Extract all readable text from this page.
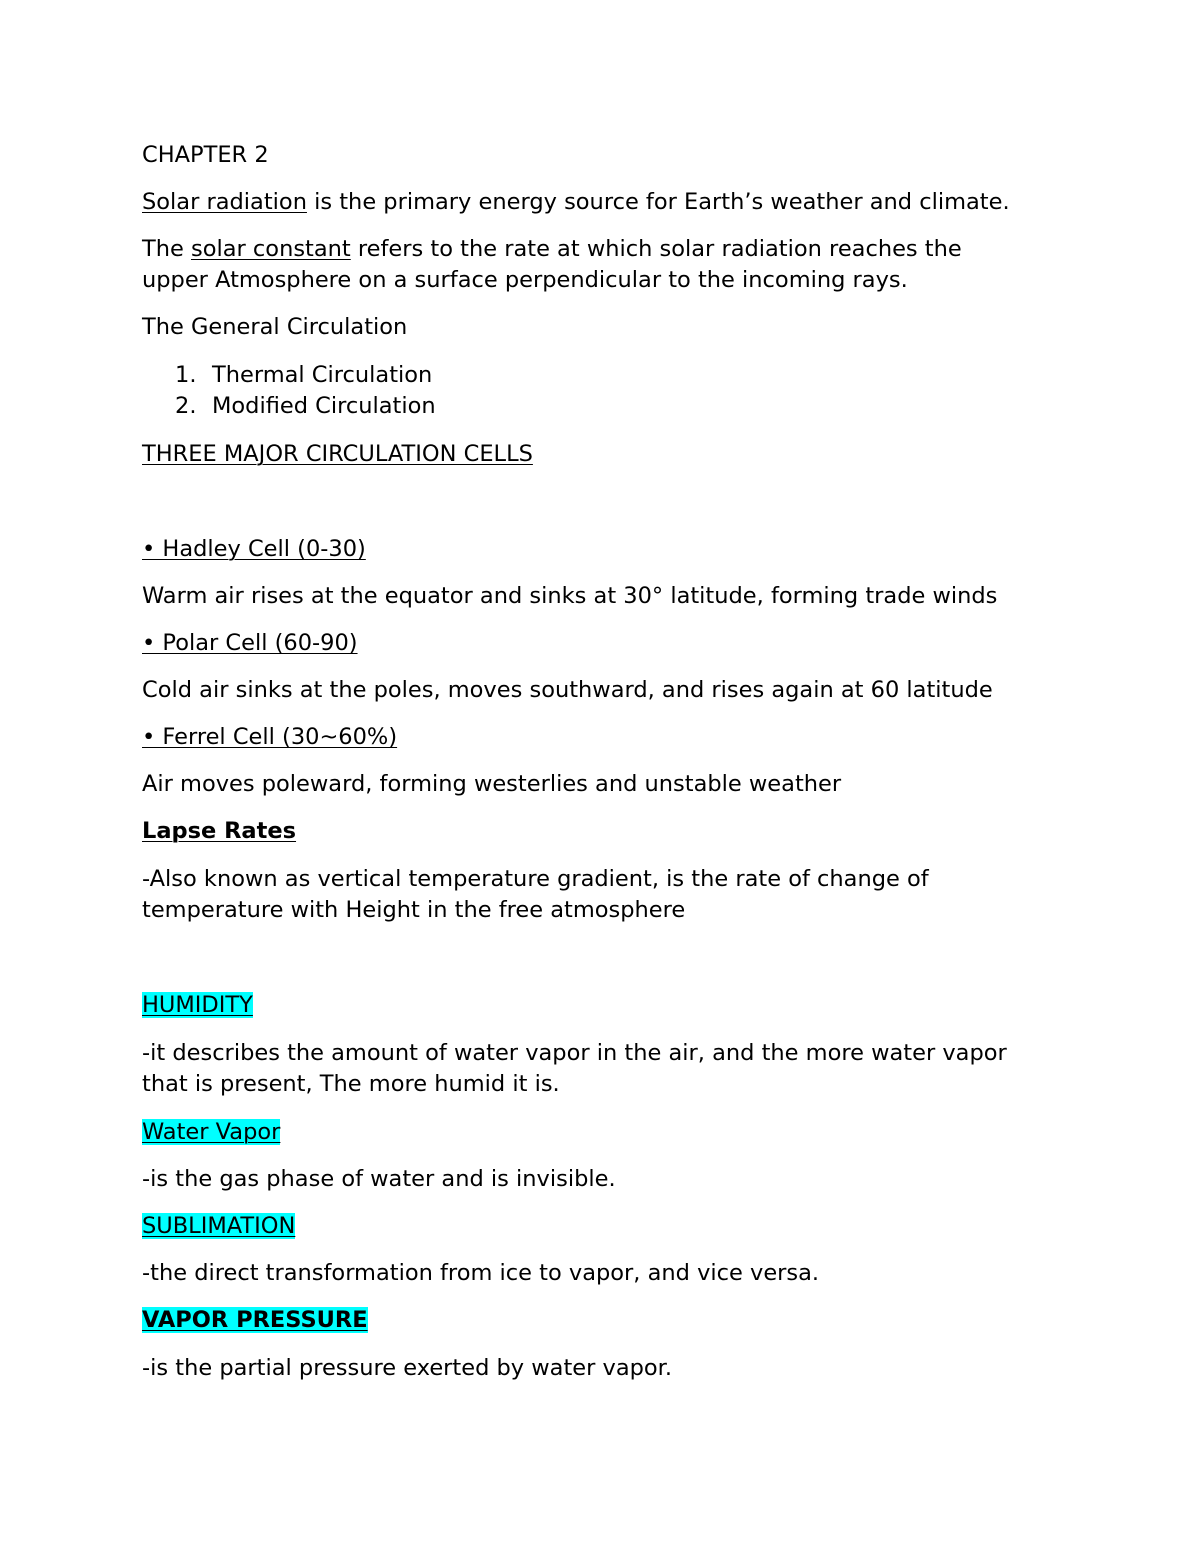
CHAPTER 2

Solar radiation is the primary energy source for Earth’s weather and climate.

The solar constant refers to the rate at which solar radiation reaches the

upper Atmosphere on a surface perpendicular to the incoming rays.

The General Circulation

1. Thermal Circulation
2. Modified Circulation

THREE MAJOR CIRCULATION CELLS

• Hadley Cell (0-30)

Warm air rises at the equator and sinks at 30° latitude, forming trade winds

• Polar Cell (60-90)

Cold air sinks at the poles, moves southward, and rises again at 60 latitude

• Ferrel Cell (30~60%)

Air moves poleward, forming westerlies and unstable weather

Lapse Rates

-Also known as vertical temperature gradient, is the rate of change of

temperature with Height in the free atmosphere

HUMIDITY

-it describes the amount of water vapor in the air, and the more water vapor

that is present, The more humid it is.

Water Vapor

-is the gas phase of water and is invisible.

SUBLIMATION

-the direct transformation from ice to vapor, and vice versa.

VAPOR PRESSURE

-is the partial pressure exerted by water vapor.
